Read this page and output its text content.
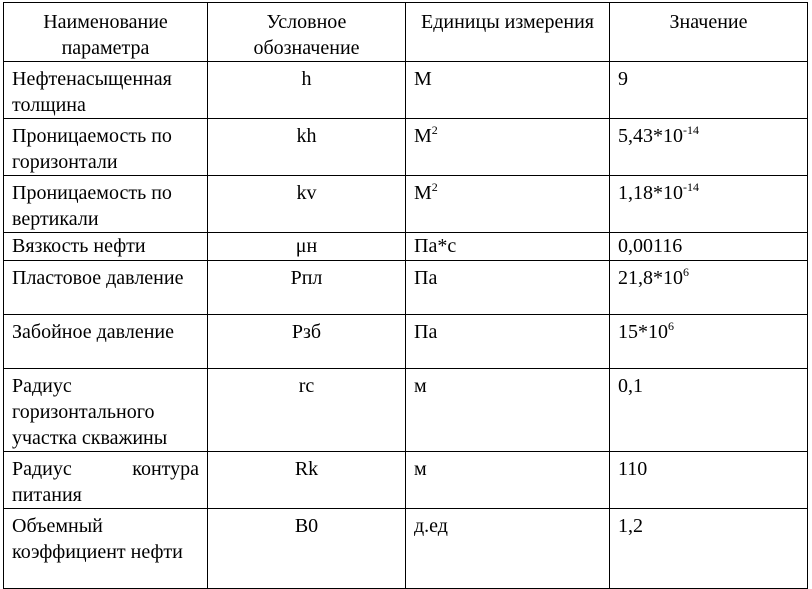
Наименование параметра	Условное обозначение	Единицы измерения	Значение
Нефтенасыщенная толщина	h	М	9
Проницаемость по горизонтали	kh	$М^2$	$5,43*10^{-14}$
Проницаемость по вертикали	kv	$М^2$	$1,18*10^{-14}$
Вязкость нефти	μн	Па*с	0,00116
Пластовое давление	Рпл	Па	$21,8*10^6$
Забойное давление	Рзб	Па	$15*10^6$
Радиус горизонтального участка скважины	rc	м	0,1
Радиус контура питания	Rk	м	110
Объемный коэффициент нефти	B0	д.ед	1,2
